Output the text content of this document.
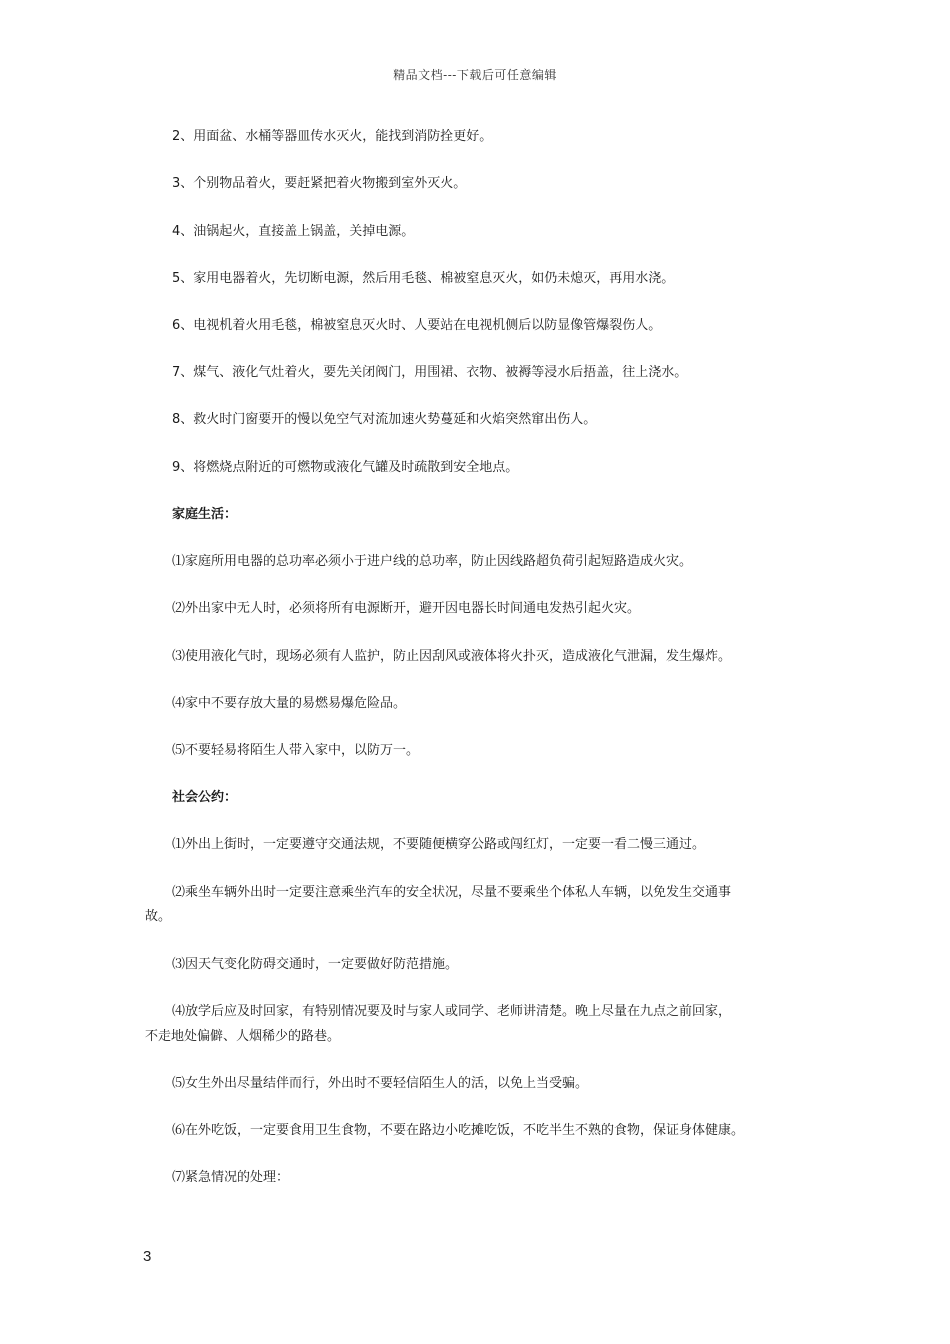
精品文档---下载后可任意编辑
2、用面盆、水桶等器皿传水灭火，能找到消防拴更好。
3、个别物品着火，要赶紧把着火物搬到室外灭火。
4、油锅起火，直接盖上锅盖，关掉电源。
5、家用电器着火，先切断电源，然后用毛毯、棉被窒息灭火，如仍未熄灭，再用水浇。
6、电视机着火用毛毯，棉被窒息灭火时、人要站在电视机侧后以防显像管爆裂伤人。
7、煤气、液化气灶着火，要先关闭阀门，用围裙、衣物、被褥等浸水后捂盖，往上浇水。
8、救火时门窗要开的慢以免空气对流加速火势蔓延和火焰突然窜出伤人。
9、将燃烧点附近的可燃物或液化气罐及时疏散到安全地点。
家庭生活：
⑴家庭所用电器的总功率必须小于进户线的总功率，防止因线路超负荷引起短路造成火灾。
⑵外出家中无人时，必须将所有电源断开，避开因电器长时间通电发热引起火灾。
⑶使用液化气时，现场必须有人监护，防止因刮风或液体将火扑灭，造成液化气泄漏，发生爆炸。
⑷家中不要存放大量的易燃易爆危险品。
⑸不要轻易将陌生人带入家中，以防万一。
社会公约：
⑴外出上街时，一定要遵守交通法规，不要随便横穿公路或闯红灯，一定要一看二慢三通过。
⑵乘坐车辆外出时一定要注意乘坐汽车的安全状况，尽量不要乘坐个体私人车辆，以免发生交通事
故。
⑶因天气变化防碍交通时，一定要做好防范措施。
⑷放学后应及时回家，有特别情况要及时与家人或同学、老师讲清楚。晚上尽量在九点之前回家，
不走地处偏僻、人烟稀少的路巷。
⑸女生外出尽量结伴而行，外出时不要轻信陌生人的活，以免上当受骗。
⑹在外吃饭，一定要食用卫生食物，不要在路边小吃摊吃饭，不吃半生不熟的食物，保证身体健康。
⑺紧急情况的处理：
3
